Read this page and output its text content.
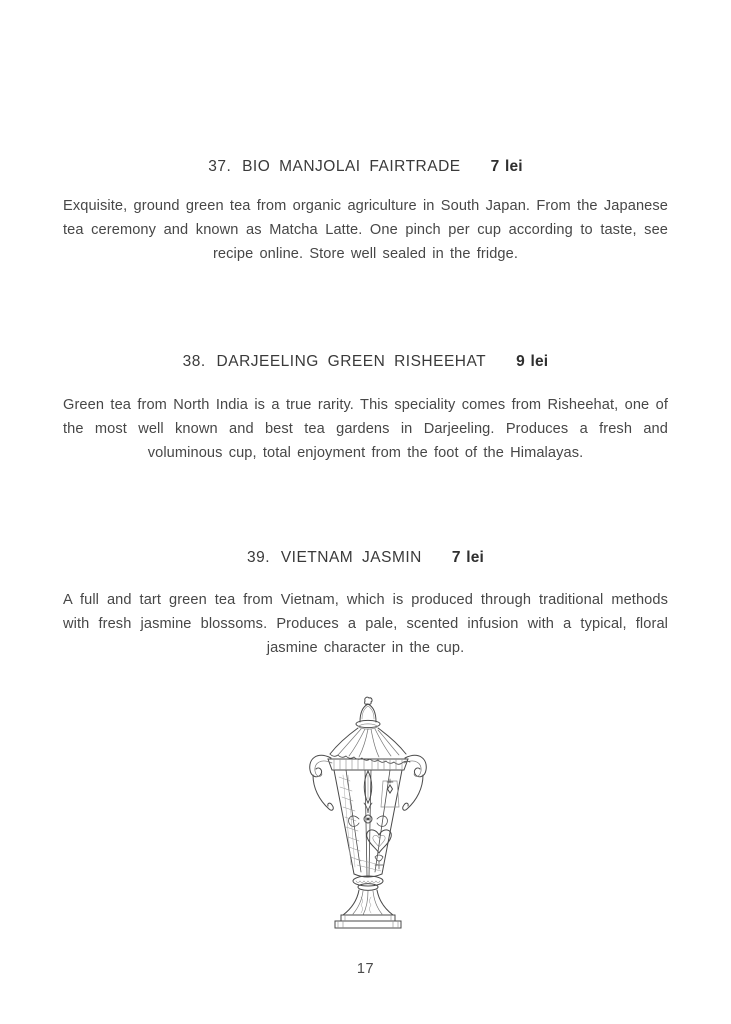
37. BIO MANJOLAI FAIRTRADE 7 lei
Exquisite, ground green tea from organic agriculture in South Japan. From the Japanese tea ceremony and known as Matcha Latte. One pinch per cup according to taste, see recipe online. Store well sealed in the fridge.
38. DARJEELING GREEN RISHEEHAT 9 lei
Green tea from North India is a true rarity. This speciality comes from Risheehat, one of the most well known and best tea gardens in Darjeeling. Produces a fresh and voluminous cup, total enjoyment from the foot of the Himalayas.
39. VIETNAM JASMIN 7 lei
A full and tart green tea from Vietnam, which is produced through traditional methods with fresh jasmine blossoms. Produces a pale, scented infusion with a typical, floral jasmine character in the cup.
17
